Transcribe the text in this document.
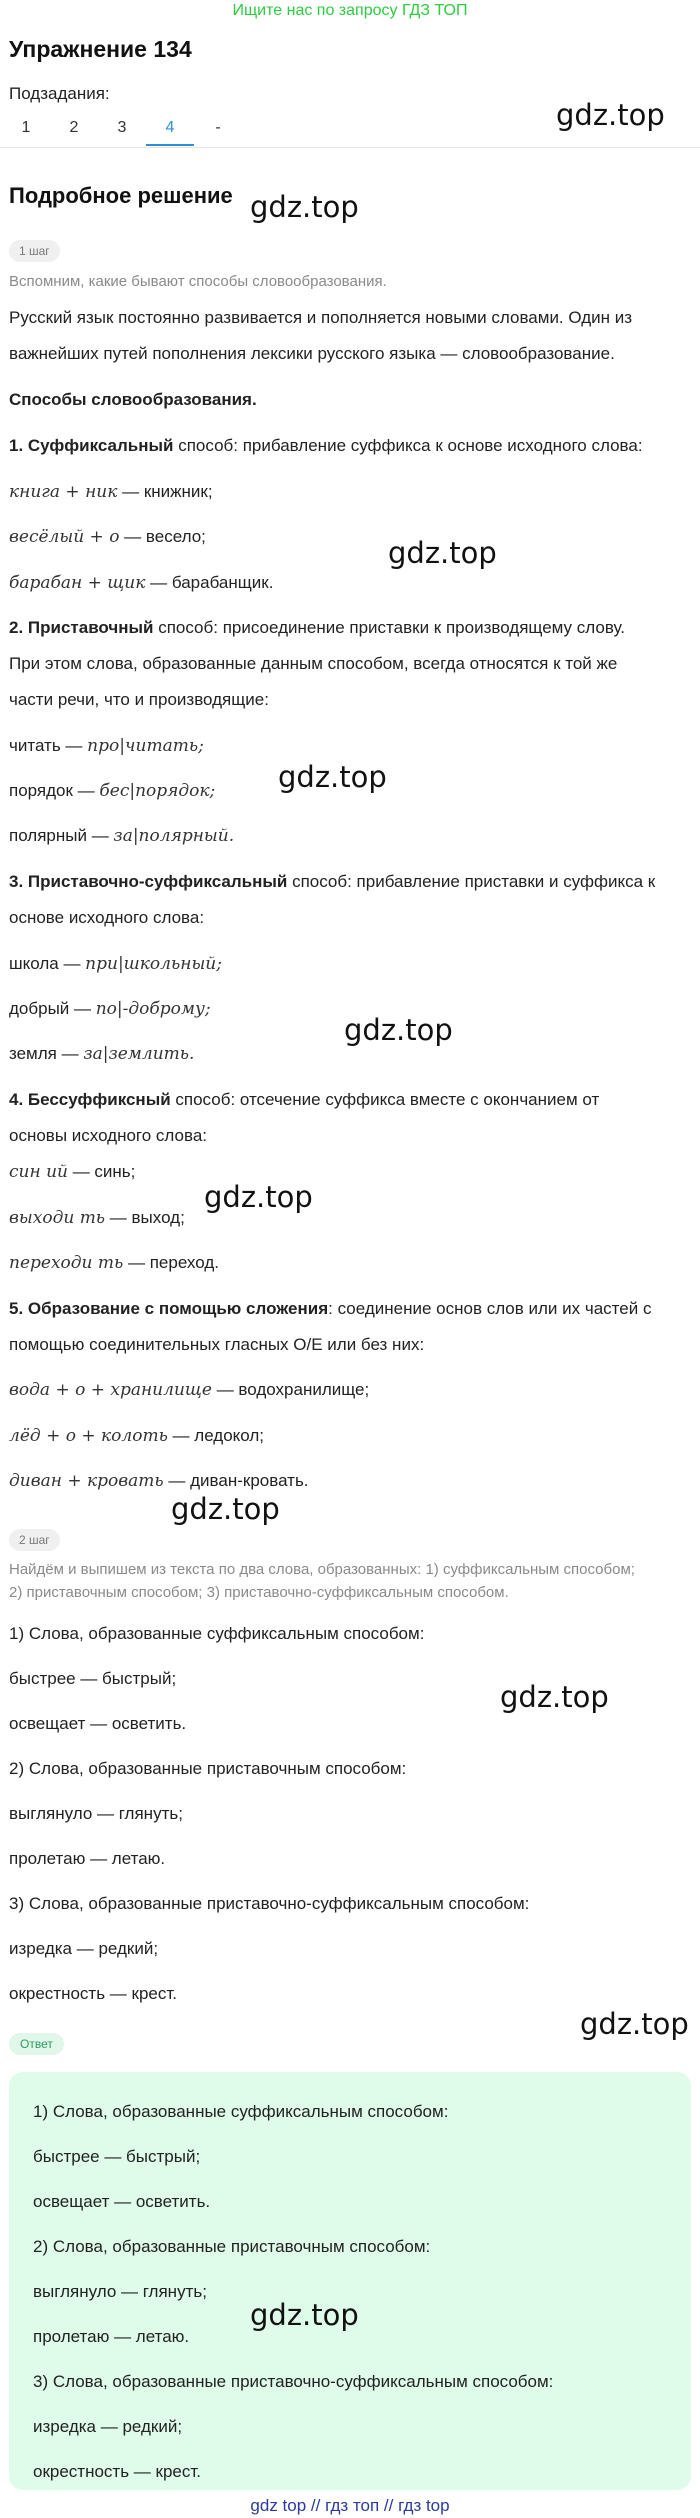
Ищите нас по запросу ГДЗ ТОП
Упражнение 134
Подзадания:
1	2	3	4	-	gdz.top
Подробное решение gdz.top
1 шаг
Вспомним, какие бывают способы словообразования.
Русский язык постоянно развивается и пополняется новыми словами. Один из
важнейших путей пополнения лексики русского языка — словообразование.
Способы словообразования.
1. Суффиксальный способ: прибавление суффикса к основе исходного слова:
книга + ник — книжник;
весёлый + о — весело;	gdz.top
барабан + щик — барабанщик.
2. Приставочный способ: присоединение приставки к производящему слову.
При этом слова, образованные данным способом, всегда относятся к той же
части речи, что и производящие:
читать — про|читать;
gdz.top
порядок — бес|порядок;
полярный — за|полярный.
3. Приставочно-суффиксальный способ: прибавление приставки и суффикса к
основе исходного слова:
школа — при|школьный;
добрый — по|-доброму;
gdz.top
земля — за|землить.
4. Бессуффиксный способ: отсечение суффикса вместе с окончанием от
основы исходного слова:
син ий — синь;
gdz.top
выходи ть — выход;
переходи ть — переход.
5. Образование с помощью сложения: соединение основ слов или их частей с
помощью соединительных гласных О/Е или без них:
вода + о + хранилище — водохранилище;
лёд + о + колоть — ледокол;
диван + кровать — диван-кровать.
gdz.top
2 шаг
Найдём и выпишем из текста по два слова, образованных: 1) суффиксальным способом;
2) приставочным способом; 3) приставочно-суффиксальным способом.
1) Слова, образованные суффиксальным способом:
быстрее — быстрый;
gdz.top
освещает — осветить.
2) Слова, образованные приставочным способом:
выглянуло — глянуть;
пролетаю — летаю.
3) Слова, образованные приставочно-суффиксальным способом:
изредка — редкий;
окрестность — крест.
gdz.top
Ответ
1) Слова, образованные суффиксальным способом:
быстрее — быстрый;
освещает — осветить.
2) Слова, образованные приставочным способом:
выглянуло — глянуть;
пролетаю — летаю.
gdz.top
3) Слова, образованные приставочно-суффиксальным способом:
изредка — редкий;
окрестность — крест.
gdz top // гдз топ // гдз top
